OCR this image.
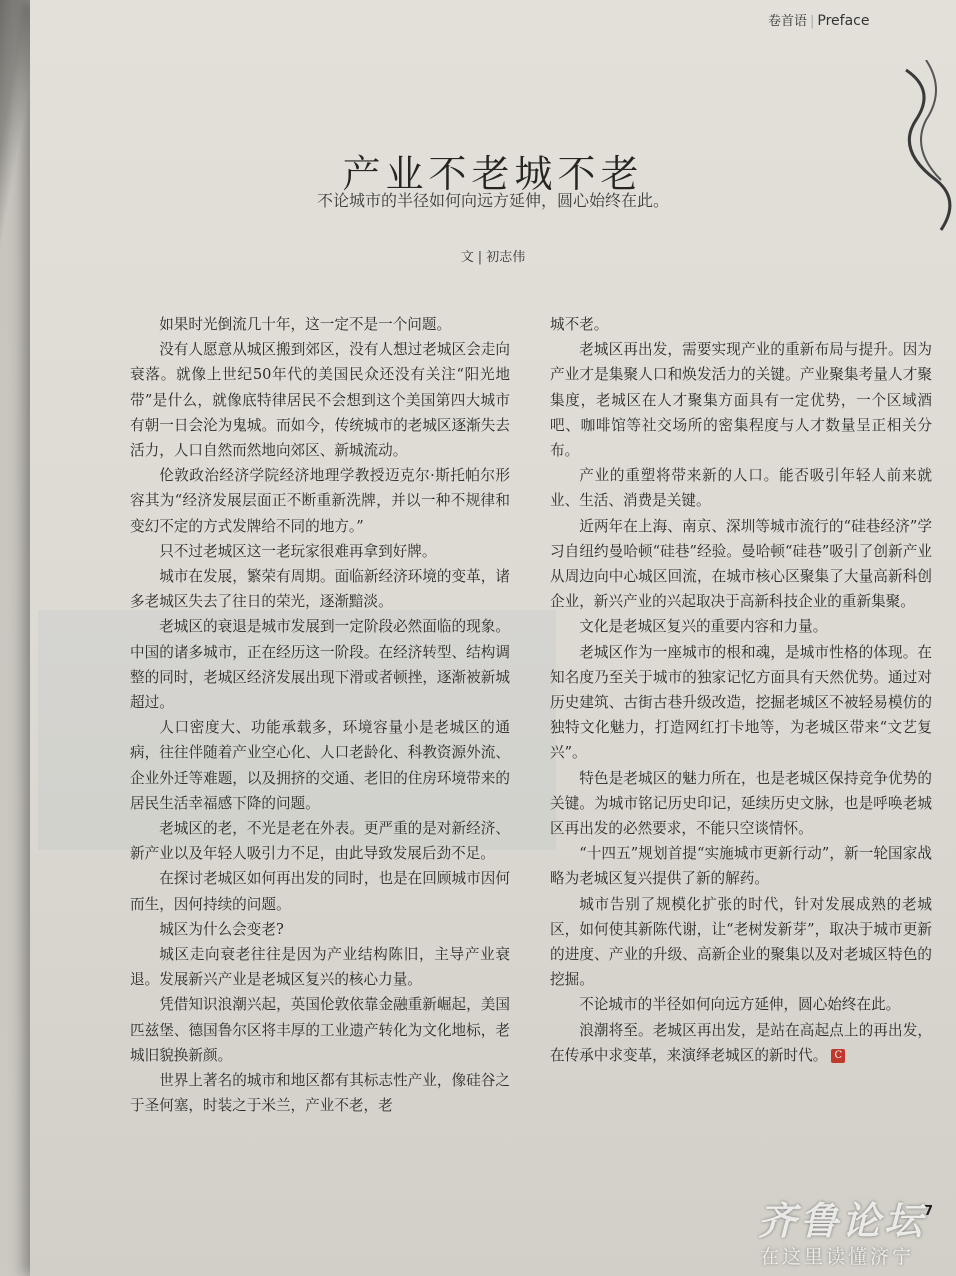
卷首语 | Preface
产业不老城不老
不论城市的半径如何向远方延伸，圆心始终在此。
文 | 初志伟

如果时光倒流几十年，这一定不是一个问题。

没有人愿意从城区搬到郊区，没有人想过老城区会走向衰落。就像上世纪50年代的美国民众还没有关注“阳光地带”是什么，就像底特律居民不会想到这个美国第四大城市有朝一日会沦为鬼城。而如今，传统城市的老城区逐渐失去活力，人口自然而然地向郊区、新城流动。

伦敦政治经济学院经济地理学教授迈克尔·斯托帕尔形容其为“经济发展层面正不断重新洗牌，并以一种不规律和变幻不定的方式发牌给不同的地方。”

只不过老城区这一老玩家很难再拿到好牌。

城市在发展，繁荣有周期。面临新经济环境的变革，诸多老城区失去了往日的荣光，逐渐黯淡。

老城区的衰退是城市发展到一定阶段必然面临的现象。中国的诸多城市，正在经历这一阶段。在经济转型、结构调整的同时，老城区经济发展出现下滑或者顿挫，逐渐被新城超过。

人口密度大、功能承载多，环境容量小是老城区的通病，往往伴随着产业空心化、人口老龄化、科教资源外流、企业外迁等难题，以及拥挤的交通、老旧的住房环境带来的居民生活幸福感下降的问题。

老城区的老，不光是老在外表。更严重的是对新经济、新产业以及年轻人吸引力不足，由此导致发展后劲不足。

在探讨老城区如何再出发的同时，也是在回顾城市因何而生，因何持续的问题。

城区为什么会变老?

城区走向衰老往往是因为产业结构陈旧，主导产业衰退。发展新兴产业是老城区复兴的核心力量。

凭借知识浪潮兴起，英国伦敦依靠金融重新崛起，美国匹兹堡、德国鲁尔区将丰厚的工业遗产转化为文化地标，老城旧貌换新颜。

世界上著名的城市和地区都有其标志性产业，像硅谷之于圣何塞，时装之于米兰，产业不老，老

城不老。

老城区再出发，需要实现产业的重新布局与提升。因为产业才是集聚人口和焕发活力的关键。产业聚集考量人才聚集度，老城区在人才聚集方面具有一定优势，一个区域酒吧、咖啡馆等社交场所的密集程度与人才数量呈正相关分布。

产业的重塑将带来新的人口。能否吸引年轻人前来就业、生活、消费是关键。

近两年在上海、南京、深圳等城市流行的“硅巷经济”学习自纽约曼哈顿“硅巷”经验。曼哈顿“硅巷”吸引了创新产业从周边向中心城区回流，在城市核心区聚集了大量高新科创企业，新兴产业的兴起取决于高新科技企业的重新集聚。

文化是老城区复兴的重要内容和力量。

老城区作为一座城市的根和魂，是城市性格的体现。在知名度乃至关于城市的独家记忆方面具有天然优势。通过对历史建筑、古街古巷升级改造，挖掘老城区不被轻易模仿的独特文化魅力，打造网红打卡地等，为老城区带来“文艺复兴”。

特色是老城区的魅力所在，也是老城区保持竞争优势的关键。为城市铭记历史印记，延续历史文脉，也是呼唤老城区再出发的必然要求，不能只空谈情怀。

“十四五”规划首提“实施城市更新行动”，新一轮国家战略为老城区复兴提供了新的解药。

城市告别了规模化扩张的时代，针对发展成熟的老城区，如何使其新陈代谢，让“老树发新芽”，取决于城市更新的进度、产业的升级、高新企业的聚集以及对老城区特色的挖掘。

不论城市的半径如何向远方延伸，圆心始终在此。

浪潮将至。老城区再出发，是站在高起点上的再出发，在传承中求变革，来演绎老城区的新时代。 C

7
齐鲁论坛
在这里读懂济宁
